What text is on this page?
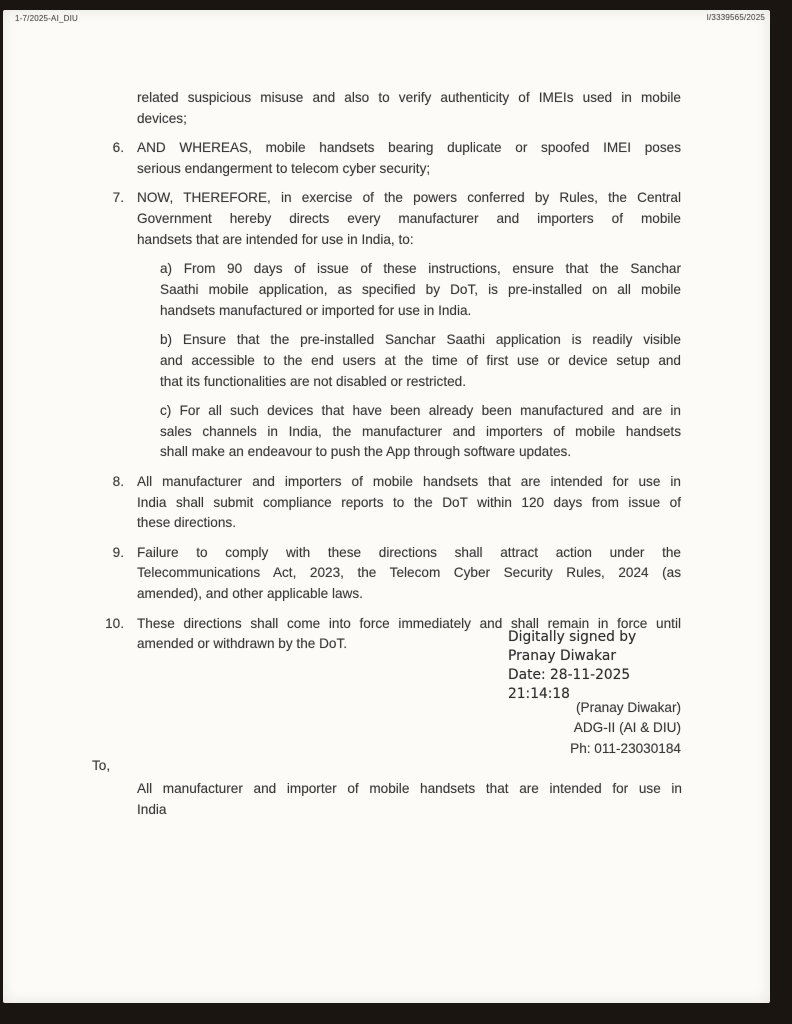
1-7/2025-AI_DIU	I/3339565/2025
related suspicious misuse and also to verify authenticity of IMEIs used in mobile
devices;
6. AND WHEREAS, mobile handsets bearing duplicate or spoofed IMEI poses
serious endangerment to telecom cyber security;
7. NOW, THEREFORE, in exercise of the powers conferred by Rules, the Central
Government hereby directs every manufacturer and importers of mobile
handsets that are intended for use in India, to:
a) From 90 days of issue of these instructions, ensure that the Sanchar
Saathi mobile application, as specified by DoT, is pre-installed on all mobile
handsets manufactured or imported for use in India.
b) Ensure that the pre-installed Sanchar Saathi application is readily visible
and accessible to the end users at the time of first use or device setup and
that its functionalities are not disabled or restricted.
c) For all such devices that have been already been manufactured and are in
sales channels in India, the manufacturer and importers of mobile handsets
shall make an endeavour to push the App through software updates.
8. All manufacturer and importers of mobile handsets that are intended for use in
India shall submit compliance reports to the DoT within 120 days from issue of
these directions.
9. Failure to comply with these directions shall attract action under the
Telecommunications Act, 2023, the Telecom Cyber Security Rules, 2024 (as
amended), and other applicable laws.
10. These directions shall come into force immediately and shall remain in force until
amended or withdrawn by the DoT.	Digitally signed by
Pranay Diwakar
Date: 28-11-2025
21:14:18
(Pranay Diwakar)
ADG-II (AI & DIU)
Ph: 011-23030184
To,
All manufacturer and importer of mobile handsets that are intended for use in
India
